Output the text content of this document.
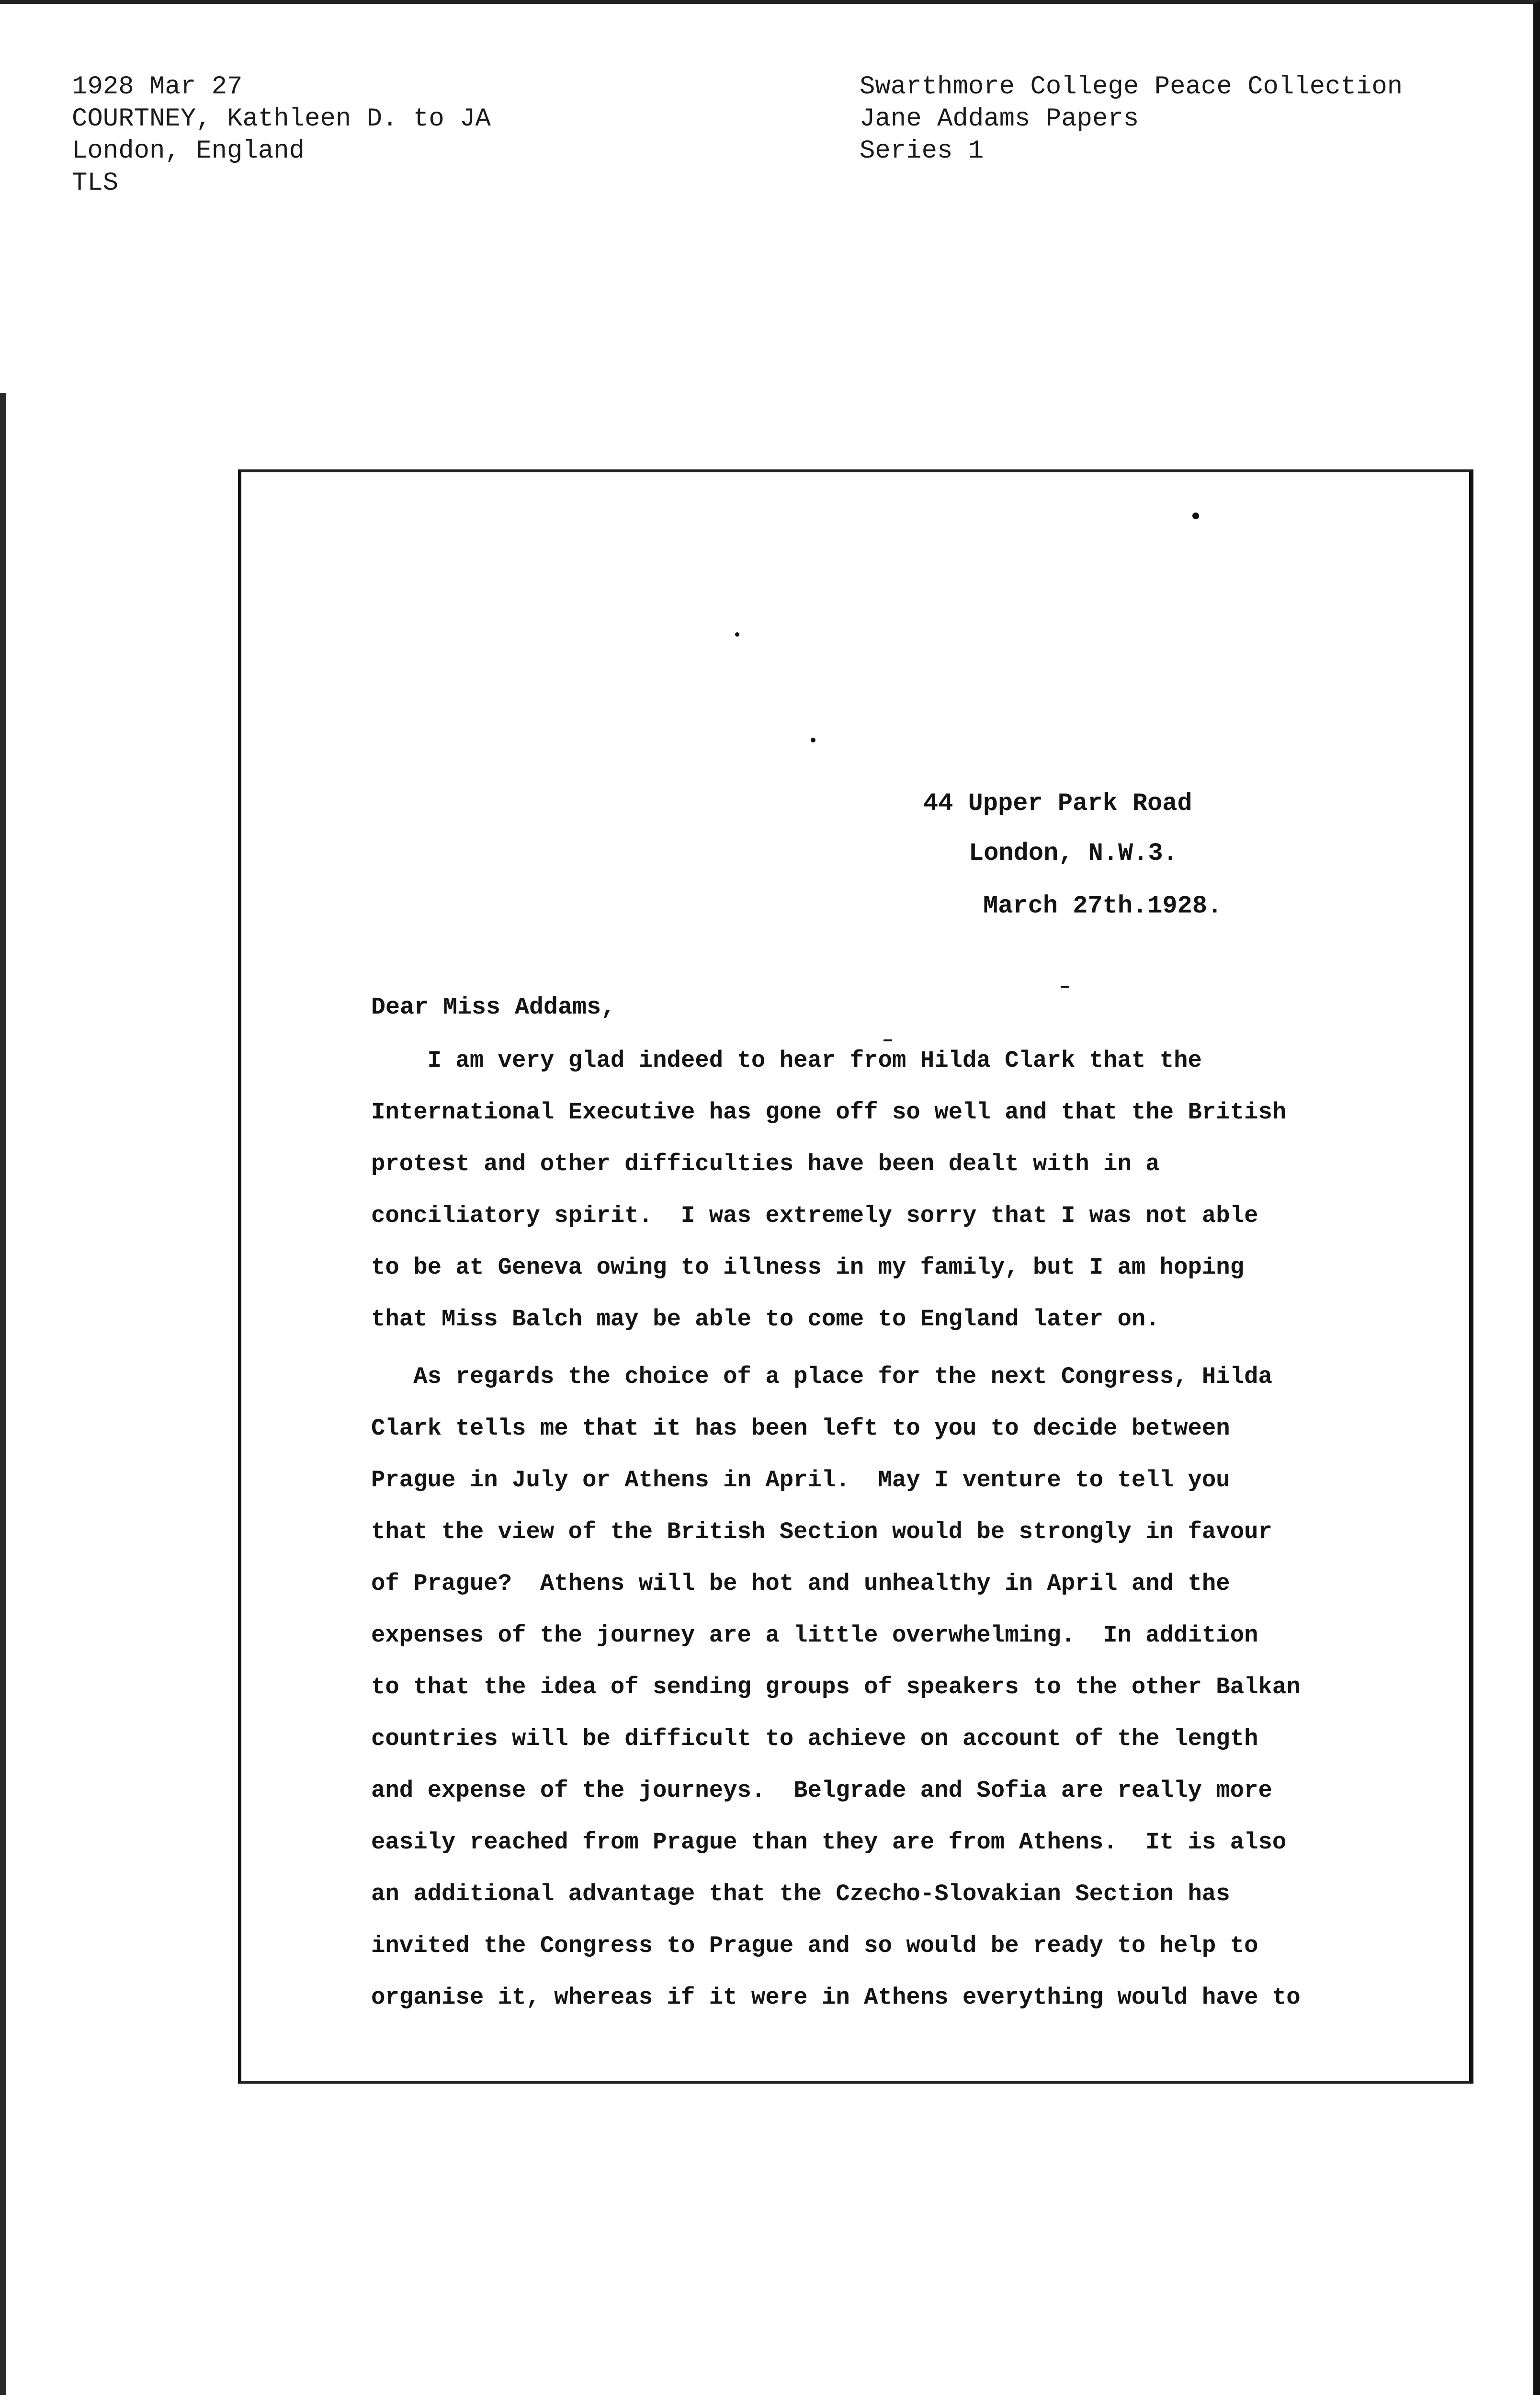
1928 Mar 27
COURTNEY, Kathleen D. to JA
London, England
TLS
Swarthmore College Peace Collection
Jane Addams Papers
Series 1
44 Upper Park Road
London, N.W.3.
March 27th.1928.
Dear Miss Addams,
I am very glad indeed to hear from Hilda Clark that the
International Executive has gone off so well and that the British
protest and other difficulties have been dealt with in a
conciliatory spirit.  I was extremely sorry that I was not able
to be at Geneva owing to illness in my family, but I am hoping
that Miss Balch may be able to come to England later on.
As regards the choice of a place for the next Congress, Hilda
Clark tells me that it has been left to you to decide between
Prague in July or Athens in April.  May I venture to tell you
that the view of the British Section would be strongly in favour
of Prague?  Athens will be hot and unhealthy in April and the
expenses of the journey are a little overwhelming.  In addition
to that the idea of sending groups of speakers to the other Balkan
countries will be difficult to achieve on account of the length
and expense of the journeys.  Belgrade and Sofia are really more
easily reached from Prague than they are from Athens.  It is also
an additional advantage that the Czecho-Slovakian Section has
invited the Congress to Prague and so would be ready to help to
organise it, whereas if it were in Athens everything would have to
